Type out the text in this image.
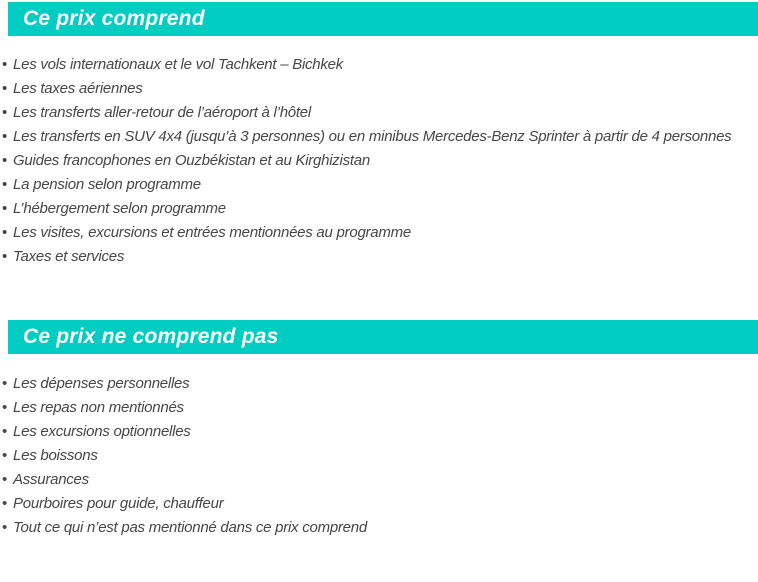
Ce prix comprend
• Les vols internationaux et le vol Tachkent – Bichkek
• Les taxes aériennes
• Les transferts aller-retour de l’aéroport à l’hôtel
• Les transferts en SUV 4x4 (jusqu’à 3 personnes) ou en minibus Mercedes-Benz Sprinter à partir de 4 personnes
• Guides francophones en Ouzbékistan et au Kirghizistan
• La pension selon programme
• L’hébergement selon programme
• Les visites, excursions et entrées mentionnées au programme
• Taxes et services
Ce prix ne comprend pas
• Les dépenses personnelles
• Les repas non mentionnés
• Les excursions optionnelles
• Les boissons
• Assurances
• Pourboires pour guide, chauffeur
• Tout ce qui n’est pas mentionné dans ce prix comprend
